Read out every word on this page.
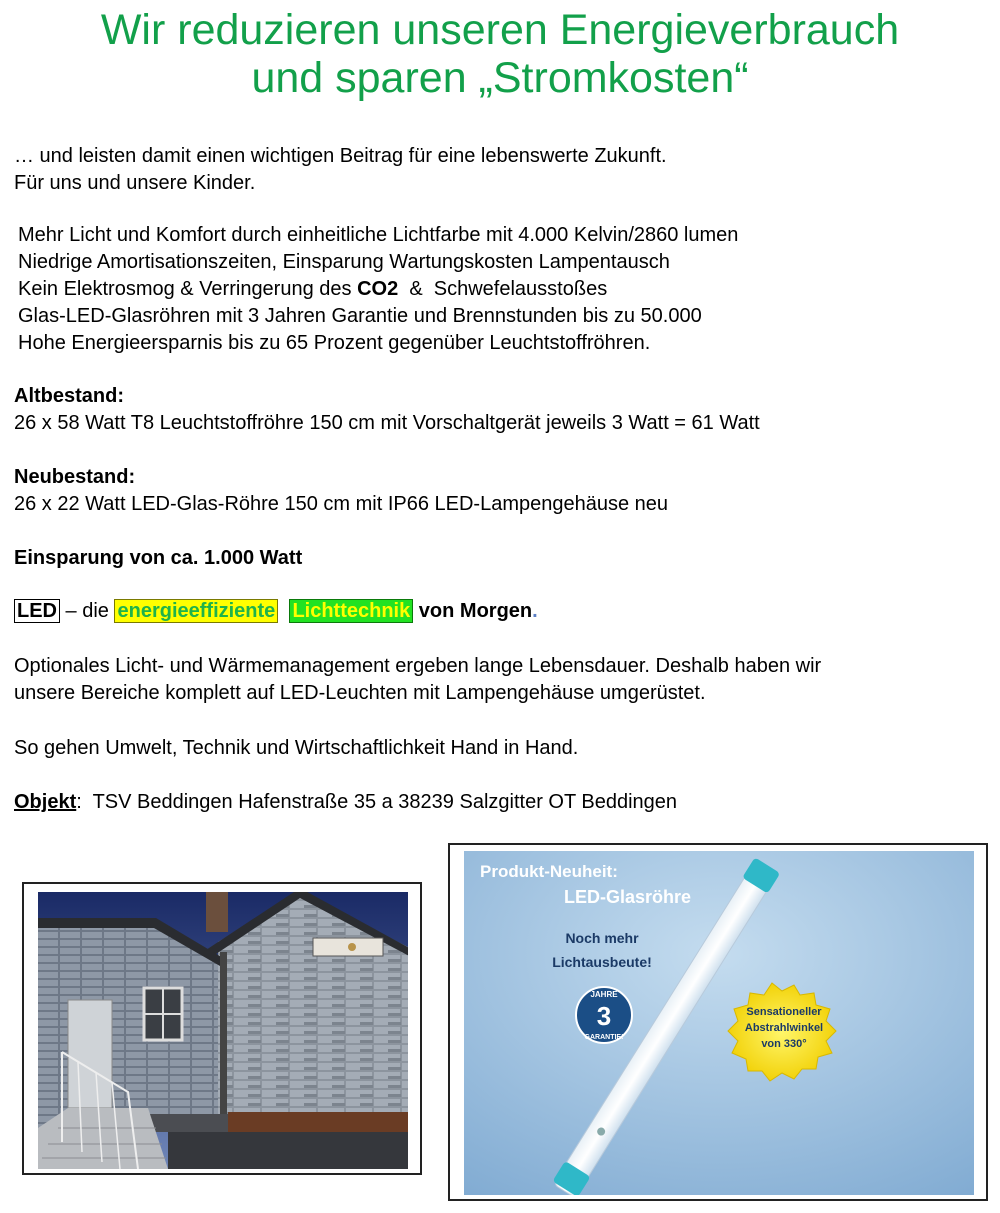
Wir reduzieren unseren Energieverbrauch
und sparen „Stromkosten“
… und leisten damit einen wichtigen Beitrag für eine lebenswerte Zukunft.
Für uns und unsere Kinder.
Mehr Licht und Komfort durch einheitliche Lichtfarbe mit 4.000 Kelvin/2860 lumen
Niedrige Amortisationszeiten, Einsparung Wartungskosten Lampentausch
Kein Elektrosmog & Verringerung des CO2  &  Schwefelausstoßes
Glas-LED-Glasröhren mit 3 Jahren Garantie und Brennstunden bis zu 50.000
Hohe Energieersparnis bis zu 65 Prozent gegenüber Leuchtstoffröhren.
Altbestand:
26 x 58 Watt T8 Leuchtstoffröhre 150 cm mit Vorschaltgerät jeweils 3 Watt = 61 Watt
Neubestand:
26 x 22 Watt LED-Glas-Röhre 150 cm mit IP66 LED-Lampengehäuse neu
Einsparung von ca. 1.000 Watt
LED – die energieeffiziente Lichttechnik von Morgen.
Optionales Licht- und Wärmemanagement ergeben lange Lebensdauer. Deshalb haben wir
unsere Bereiche komplett auf LED-Leuchten mit Lampengehäuse umgerüstet.
So gehen Umwelt, Technik und Wirtschaftlichkeit Hand in Hand.
Objekt:  TSV Beddingen Hafenstraße 35 a 38239 Salzgitter OT Beddingen
Produkt-Neuheit:
LED-Glasröhre
Noch mehr
Lichtausbeute!
JAHRE
3
GARANTIE!
Sensationeller
Abstrahlwinkel
von 330°
